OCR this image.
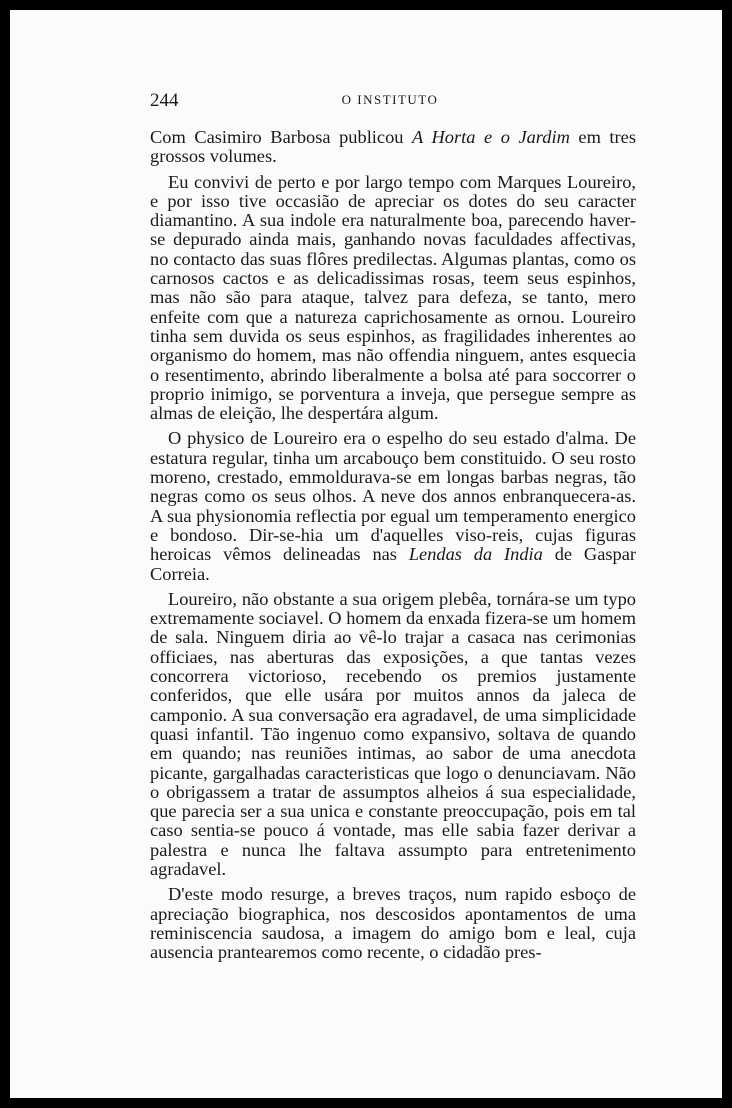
244	O INSTITUTO

Com Casimiro Barbosa publicou A Horta e o Jardim em tres grossos volumes.

Eu convivi de perto e por largo tempo com Marques Loureiro, e por isso tive occasião de apreciar os dotes do seu caracter diamantino. A sua indole era naturalmente boa, parecendo haver-se depurado ainda mais, ganhando novas faculdades affectivas, no contacto das suas flôres predilectas. Algumas plantas, como os carnosos cactos e as delicadissimas rosas, teem seus espinhos, mas não são para ataque, talvez para defeza, se tanto, mero enfeite com que a natureza caprichosamente as ornou. Loureiro tinha sem duvida os seus espinhos, as fragilidades inherentes ao organismo do homem, mas não offendia ninguem, antes esquecia o resentimento, abrindo liberalmente a bolsa até para soccorrer o proprio inimigo, se porventura a inveja, que persegue sempre as almas de eleição, lhe despertára algum.

O physico de Loureiro era o espelho do seu estado d'alma. De estatura regular, tinha um arcabouço bem constituido. O seu rosto moreno, crestado, emmoldurava-se em longas barbas negras, tão negras como os seus olhos. A neve dos annos enbranquecera-as. A sua physionomia reflectia por egual um temperamento energico e bondoso. Dir-se-hia um d'aquelles viso-reis, cujas figuras heroicas vêmos delineadas nas Lendas da India de Gaspar Correia.

Loureiro, não obstante a sua origem plebêa, tornára-se um typo extremamente sociavel. O homem da enxada fizera-se um homem de sala. Ninguem diria ao vê-lo trajar a casaca nas cerimonias officiaes, nas aberturas das exposições, a que tantas vezes concorrera victorioso, recebendo os premios justamente conferidos, que elle usára por muitos annos da jaleca de camponio. A sua conversação era agradavel, de uma simplicidade quasi infantil. Tão ingenuo como expansivo, soltava de quando em quando; nas reuniões intimas, ao sabor de uma anecdota picante, gargalhadas caracteristicas que logo o denunciavam. Não o obrigassem a tratar de assumptos alheios á sua especialidade, que parecia ser a sua unica e constante preoccupação, pois em tal caso sentia-se pouco á vontade, mas elle sabia fazer derivar a palestra e nunca lhe faltava assumpto para entretenimento agradavel.

D'este modo resurge, a breves traços, num rapido esboço de apreciação biographica, nos descosidos apontamentos de uma reminiscencia saudosa, a imagem do amigo bom e leal, cuja ausencia prantearemos como recente, o cidadão pres-
